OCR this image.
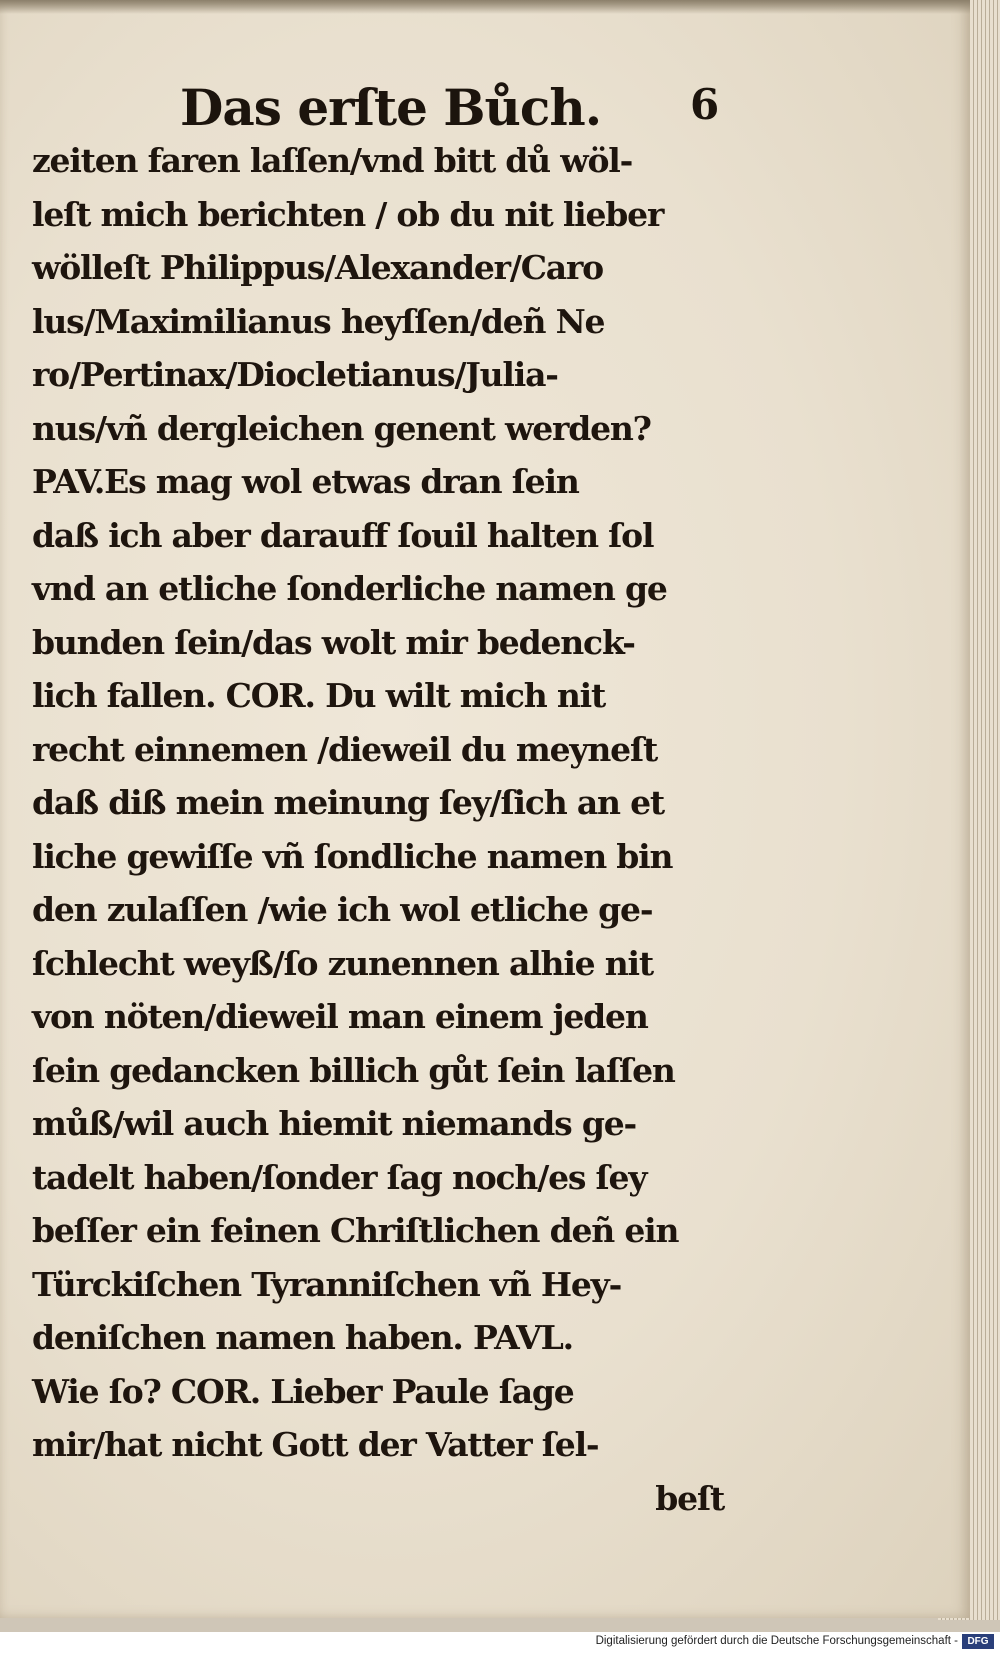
Das erſte Bůch. 6
zeiten faren laſſen/vnd bitt dů wöl-
leſt mich berichten / ob du nit lieber
wölleſt Philippus/Alexander/Caro
lus/Maximilianus heyſſen/deñ Ne
ro/Pertinax/Diocletianus/Julia-
nus/vñ dergleichen genent werden?
PAV.Es mag wol etwas dran ſein
daß ich aber darauff ſouil halten ſol
vnd an etliche ſonderliche namen ge
bunden ſein/das wolt mir bedenck-
lich fallen. COR. Du wilt mich nit
recht einnemen /dieweil du meyneſt
daß diß mein meinung ſey/ſich an et
liche gewiſſe vñ ſondliche namen bin
den zulaſſen /wie ich wol etliche ge-
ſchlecht weyß/ſo zunennen alhie nit
von nöten/dieweil man einem jeden
ſein gedancken billich gůt ſein laſſen
můß/wil auch hiemit niemands ge-
tadelt haben/ſonder ſag noch/es ſey
beſſer ein feinen Chriſtlichen deñ ein
Türckiſchen Tyranniſchen vñ Hey-
deniſchen namen haben. PAVL.
Wie ſo? COR. Lieber Paule ſage
mir/hat nicht Gott der Vatter ſel-
beſt
Digitalisierung gefördert durch die Deutsche Forschungsgemeinschaft - DFG
